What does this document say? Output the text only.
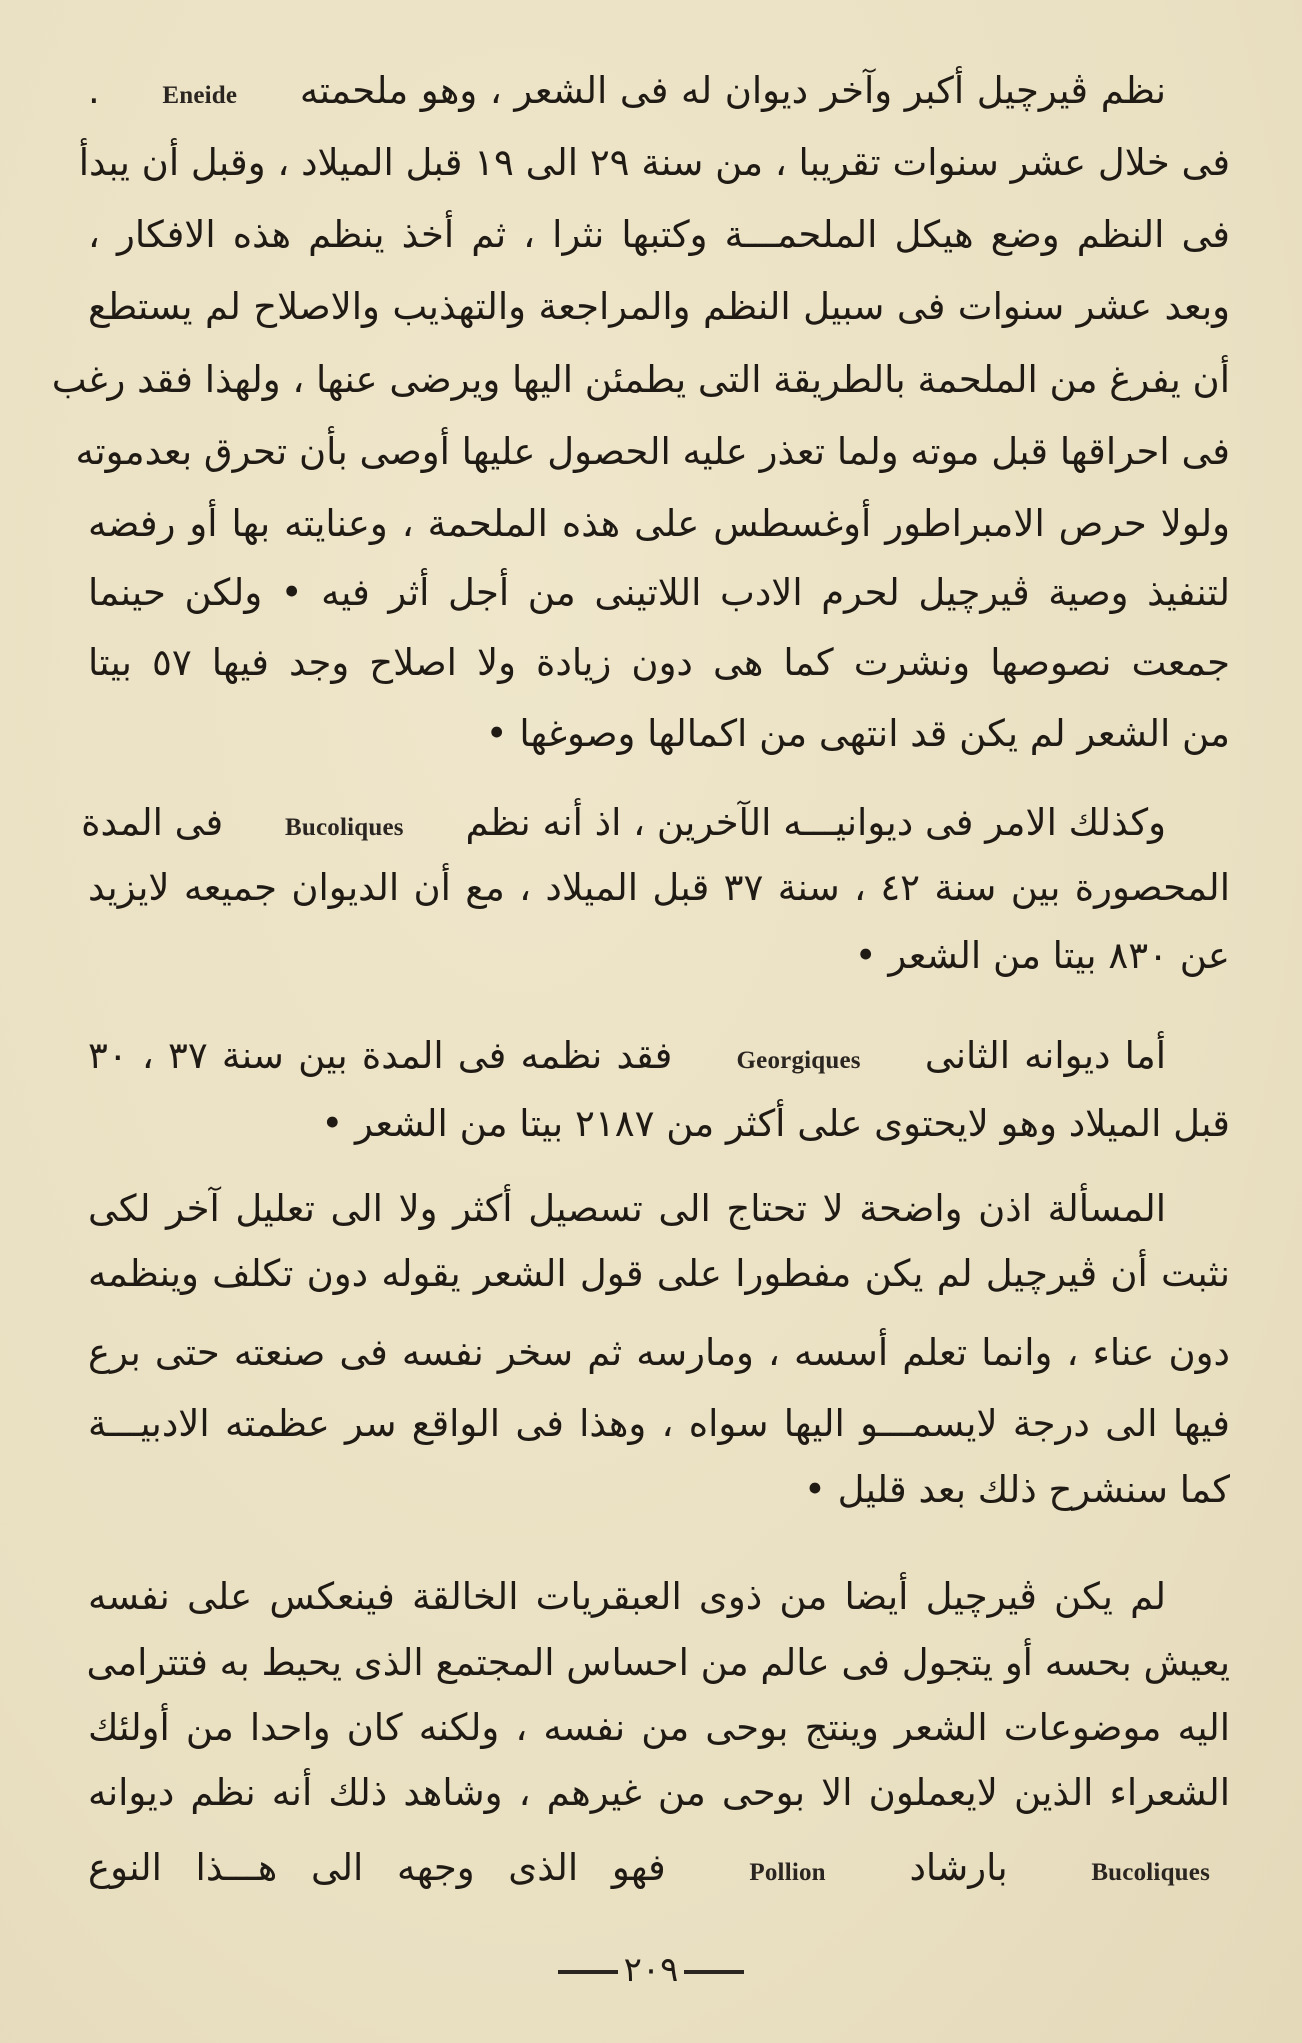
نظم ڤيرچيل أكبر وآخر ديوان له فى الشعر ، وهو ملحمته Eneide .
فى خلال عشر سنوات تقريبا ، من سنة ٢٩ الى ١٩ قبل الميلاد ، وقبل أن يبدأ
فى النظم وضع هيكل الملحمـــة وكتبها نثرا ، ثم أخذ ينظم هذه الافكار ،
وبعد عشر سنوات فى سبيل النظم والمراجعة والتهذيب والاصلاح لم يستطع
أن يفرغ من الملحمة بالطريقة التى يطمئن اليها ويرضى عنها ، ولهذا فقد رغب
فى احراقها قبل موته ولما تعذر عليه الحصول عليها أوصى بأن تحرق بعدموته
ولولا حرص الامبراطور أوغسطس على هذه الملحمة ، وعنايته بها أو رفضه
لتنفيذ وصية ڤيرچيل لحرم الادب اللاتينى من أجل أثر فيه • ولكن حينما
جمعت نصوصها ونشرت كما هى دون زيادة ولا اصلاح وجد فيها ٥٧ بيتا
من الشعر لم يكن قد انتهى من اكمالها وصوغها •
وكذلك الامر فى ديوانيـــه الآخرين ، اذ أنه نظم Bucoliques فى المدة
المحصورة بين سنة ٤٢ ، سنة ٣٧ قبل الميلاد ، مع أن الديوان جميعه لايزيد
عن ٨٣٠ بيتا من الشعر •
أما ديوانه الثانى Georgiques فقد نظمه فى المدة بين سنة ٣٧ ، ٣٠
قبل الميلاد وهو لايحتوى على أكثر من ٢١٨٧ بيتا من الشعر •
المسألة اذن واضحة لا تحتاج الى تسصيل أكثر ولا الى تعليل آخر لكى
نثبت أن ڤيرچيل لم يكن مفطورا على قول الشعر يقوله دون تكلف وينظمه
دون عناء ، وانما تعلم أسسه ، ومارسه ثم سخر نفسه فى صنعته حتى برع
فيها الى درجة لايسمـــو اليها سواه ، وهذا فى الواقع سر عظمته الادبيـــة
كما سنشرح ذلك بعد قليل •
لم يكن ڤيرچيل أيضا من ذوى العبقريات الخالقة فينعكس على نفسه
يعيش بحسه أو يتجول فى عالم من احساس المجتمع الذى يحيط به فتترامى
اليه موضوعات الشعر وينتج بوحى من نفسه ، ولكنه كان واحدا من أولئك
الشعراء الذين لايعملون الا بوحى من غيرهم ، وشاهد ذلك أنه نظم ديوانه
Bucoliques بارشاد Pollion فهو الذى وجهه الى هـــذا النوع
٢٠٩
